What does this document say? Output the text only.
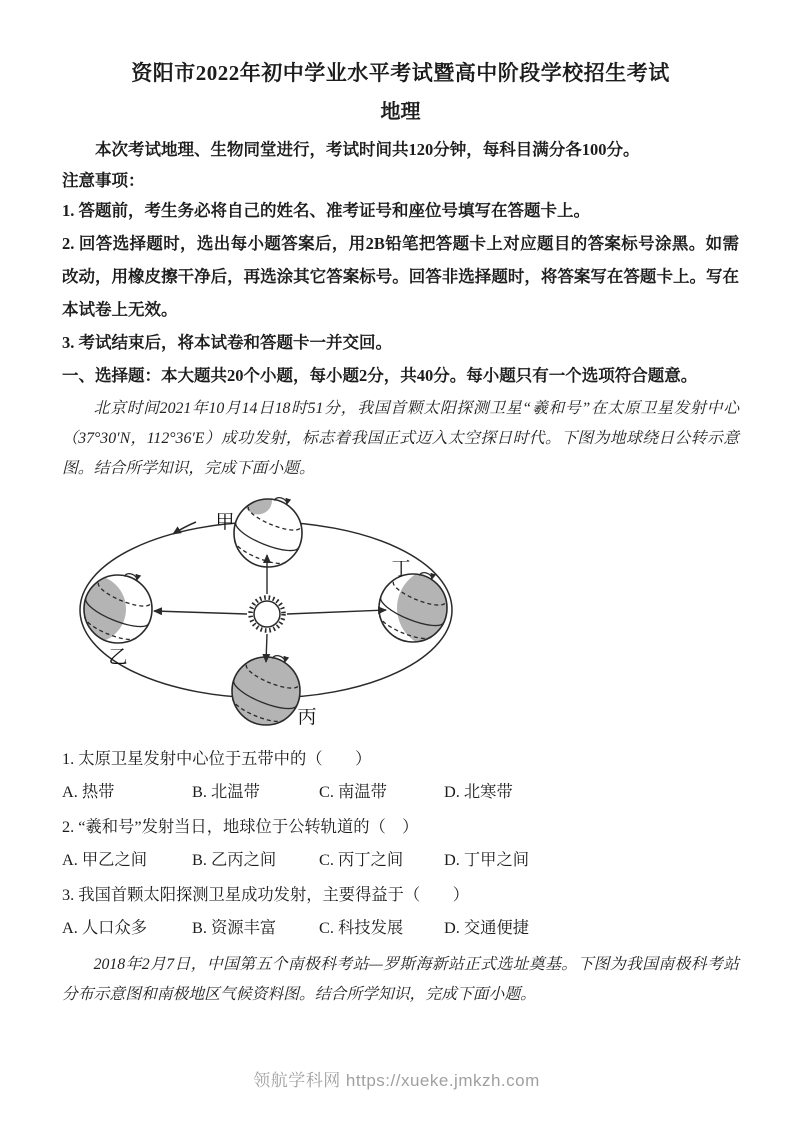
资阳市2022年初中学业水平考试暨高中阶段学校招生考试
地理

本次考试地理、生物同堂进行，考试时间共120分钟，每科目满分各100分。

注意事项：

1. 答题前，考生务必将自己的姓名、准考证号和座位号填写在答题卡上。

2. 回答选择题时，选出每小题答案后，用2B铅笔把答题卡上对应题目的答案标号涂黑。如需改动，用橡皮擦干净后，再选涂其它答案标号。回答非选择题时，将答案写在答题卡上。写在本试卷上无效。

3. 考试结束后，将本试卷和答题卡一并交回。

一、选择题：本大题共20个小题，每小题2分，共40分。每小题只有一个选项符合题意。

北京时间2021年10月14日18时51分，我国首颗太阳探测卫星“羲和号”在太原卫星发射中心（37°30′N，112°36′E）成功发射，标志着我国正式迈入太空探日时代。下图为地球绕日公转示意图。结合所学知识，完成下面小题。

甲
乙
丙
丁
1. 太原卫星发射中心位于五带中的（　　）
A. 热带	B. 北温带	C. 南温带	D. 北寒带
2. “羲和号”发射当日，地球位于公转轨道的（　）
A. 甲乙之间	B. 乙丙之间	C. 丙丁之间	D. 丁甲之间
3. 我国首颗太阳探测卫星成功发射，主要得益于（　　）
A. 人口众多	B. 资源丰富	C. 科技发展	D. 交通便捷

2018年2月7日，中国第五个南极科考站—罗斯海新站正式选址奠基。下图为我国南极科考站分布示意图和南极地区气候资料图。结合所学知识，完成下面小题。

领航学科网 https://xueke.jmkzh.com
